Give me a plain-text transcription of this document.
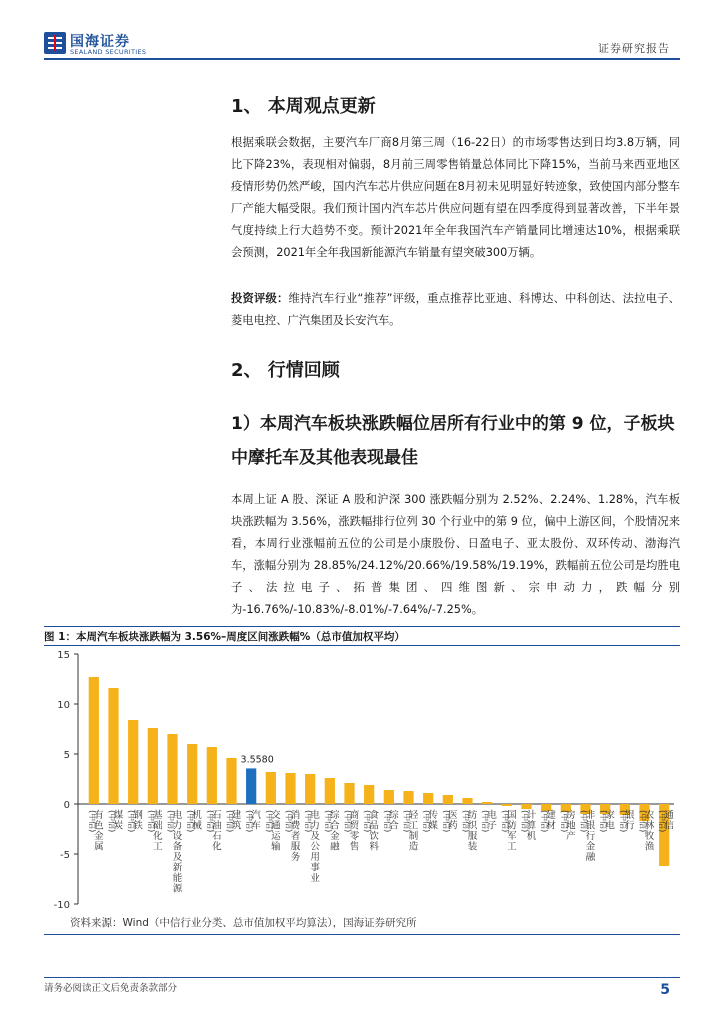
国海证券
SEALAND SECURITIES	证券研究报告
1、 本周观点更新
根据乘联会数据，主要汽车厂商8月第三周（16-22日）的市场零售达到日均3.8万辆，同比下降23%，表现相对偏弱，8月前三周零售销量总体同比下降15%，当前马来西亚地区疫情形势仍然严峻，国内汽车芯片供应问题在8月初未见明显好转迹象，致使国内部分整车厂产能大幅受限。我们预计国内汽车芯片供应问题有望在四季度得到显著改善，下半年景气度持续上行大趋势不变。预计2021年全年我国汽车产销量同比增速达10%，根据乘联会预测，2021年全年我国新能源汽车销量有望突破300万辆。
投资评级：维持汽车行业“推荐”评级，重点推荐比亚迪、科博达、中科创达、法拉电子、菱电电控、广汽集团及长安汽车。
2、 行情回顾
1）本周汽车板块涨跌幅位居所有行业中的第 9 位，子板块中摩托车及其他表现最佳
本周上证 A 股、深证 A 股和沪深 300 涨跌幅分别为 2.52%、2.24%、1.28%，汽车板块涨跌幅为 3.56%，涨跌幅排行位列 30 个行业中的第 9 位，偏中上游区间，个股情况来看，本周行业涨幅前五位的公司是小康股份、日盈电子、亚太股份、双环传动、渤海汽车，涨幅分别为 28.85%/24.12%/20.66%/19.58%/19.19%，跌幅前五位公司是均胜电子、法拉电子、拓普集团、四维图新、宗申动力，跌幅分别为-16.76%/-10.83%/-8.01%/-7.64%/-7.25%。
图 1：本周汽车板块涨跌幅为 3.56%–周度区间涨跌幅%（总市值加权平均）
15
10
5
0
-5
-10
3.5580
(中信)
有
色
金
属
(中信)
煤
炭 (中信)
钢
铁 (中信)
基
础
化
工
(中信)
电
力
设
备
及
新
能
源
(中信)
机
械 (中信)
石
油
石
化
(中信)
建
筑 (中信)
汽
车 (中信)
交
通
运
输
(中信)
消
费
者
服
务
(中信)
电
力
及
公
用
事
业
(中信)
综
合
金
融
(中信)
商
贸
零
售
(中信)
食
品
饮
料
(中信)
综
合 (中信)
轻
工
制
造
(中信)
传
媒 (中信)
医
药 (中信)
纺
织
服
装
(中信)
电
子 (中信)
国
防
军
工
(中信)
计
算
机
(中信)
建
材 (中信)
房
地
产
(中信)
非
银
行
金
融
(中信)
家
电 (中信)
银
行 (中信)
农
林
牧
渔
(中信)
通
信
资料来源：Wind（中信行业分类、总市值加权平均算法），国海证券研究所
请务必阅读正文后免责条款部分	5
